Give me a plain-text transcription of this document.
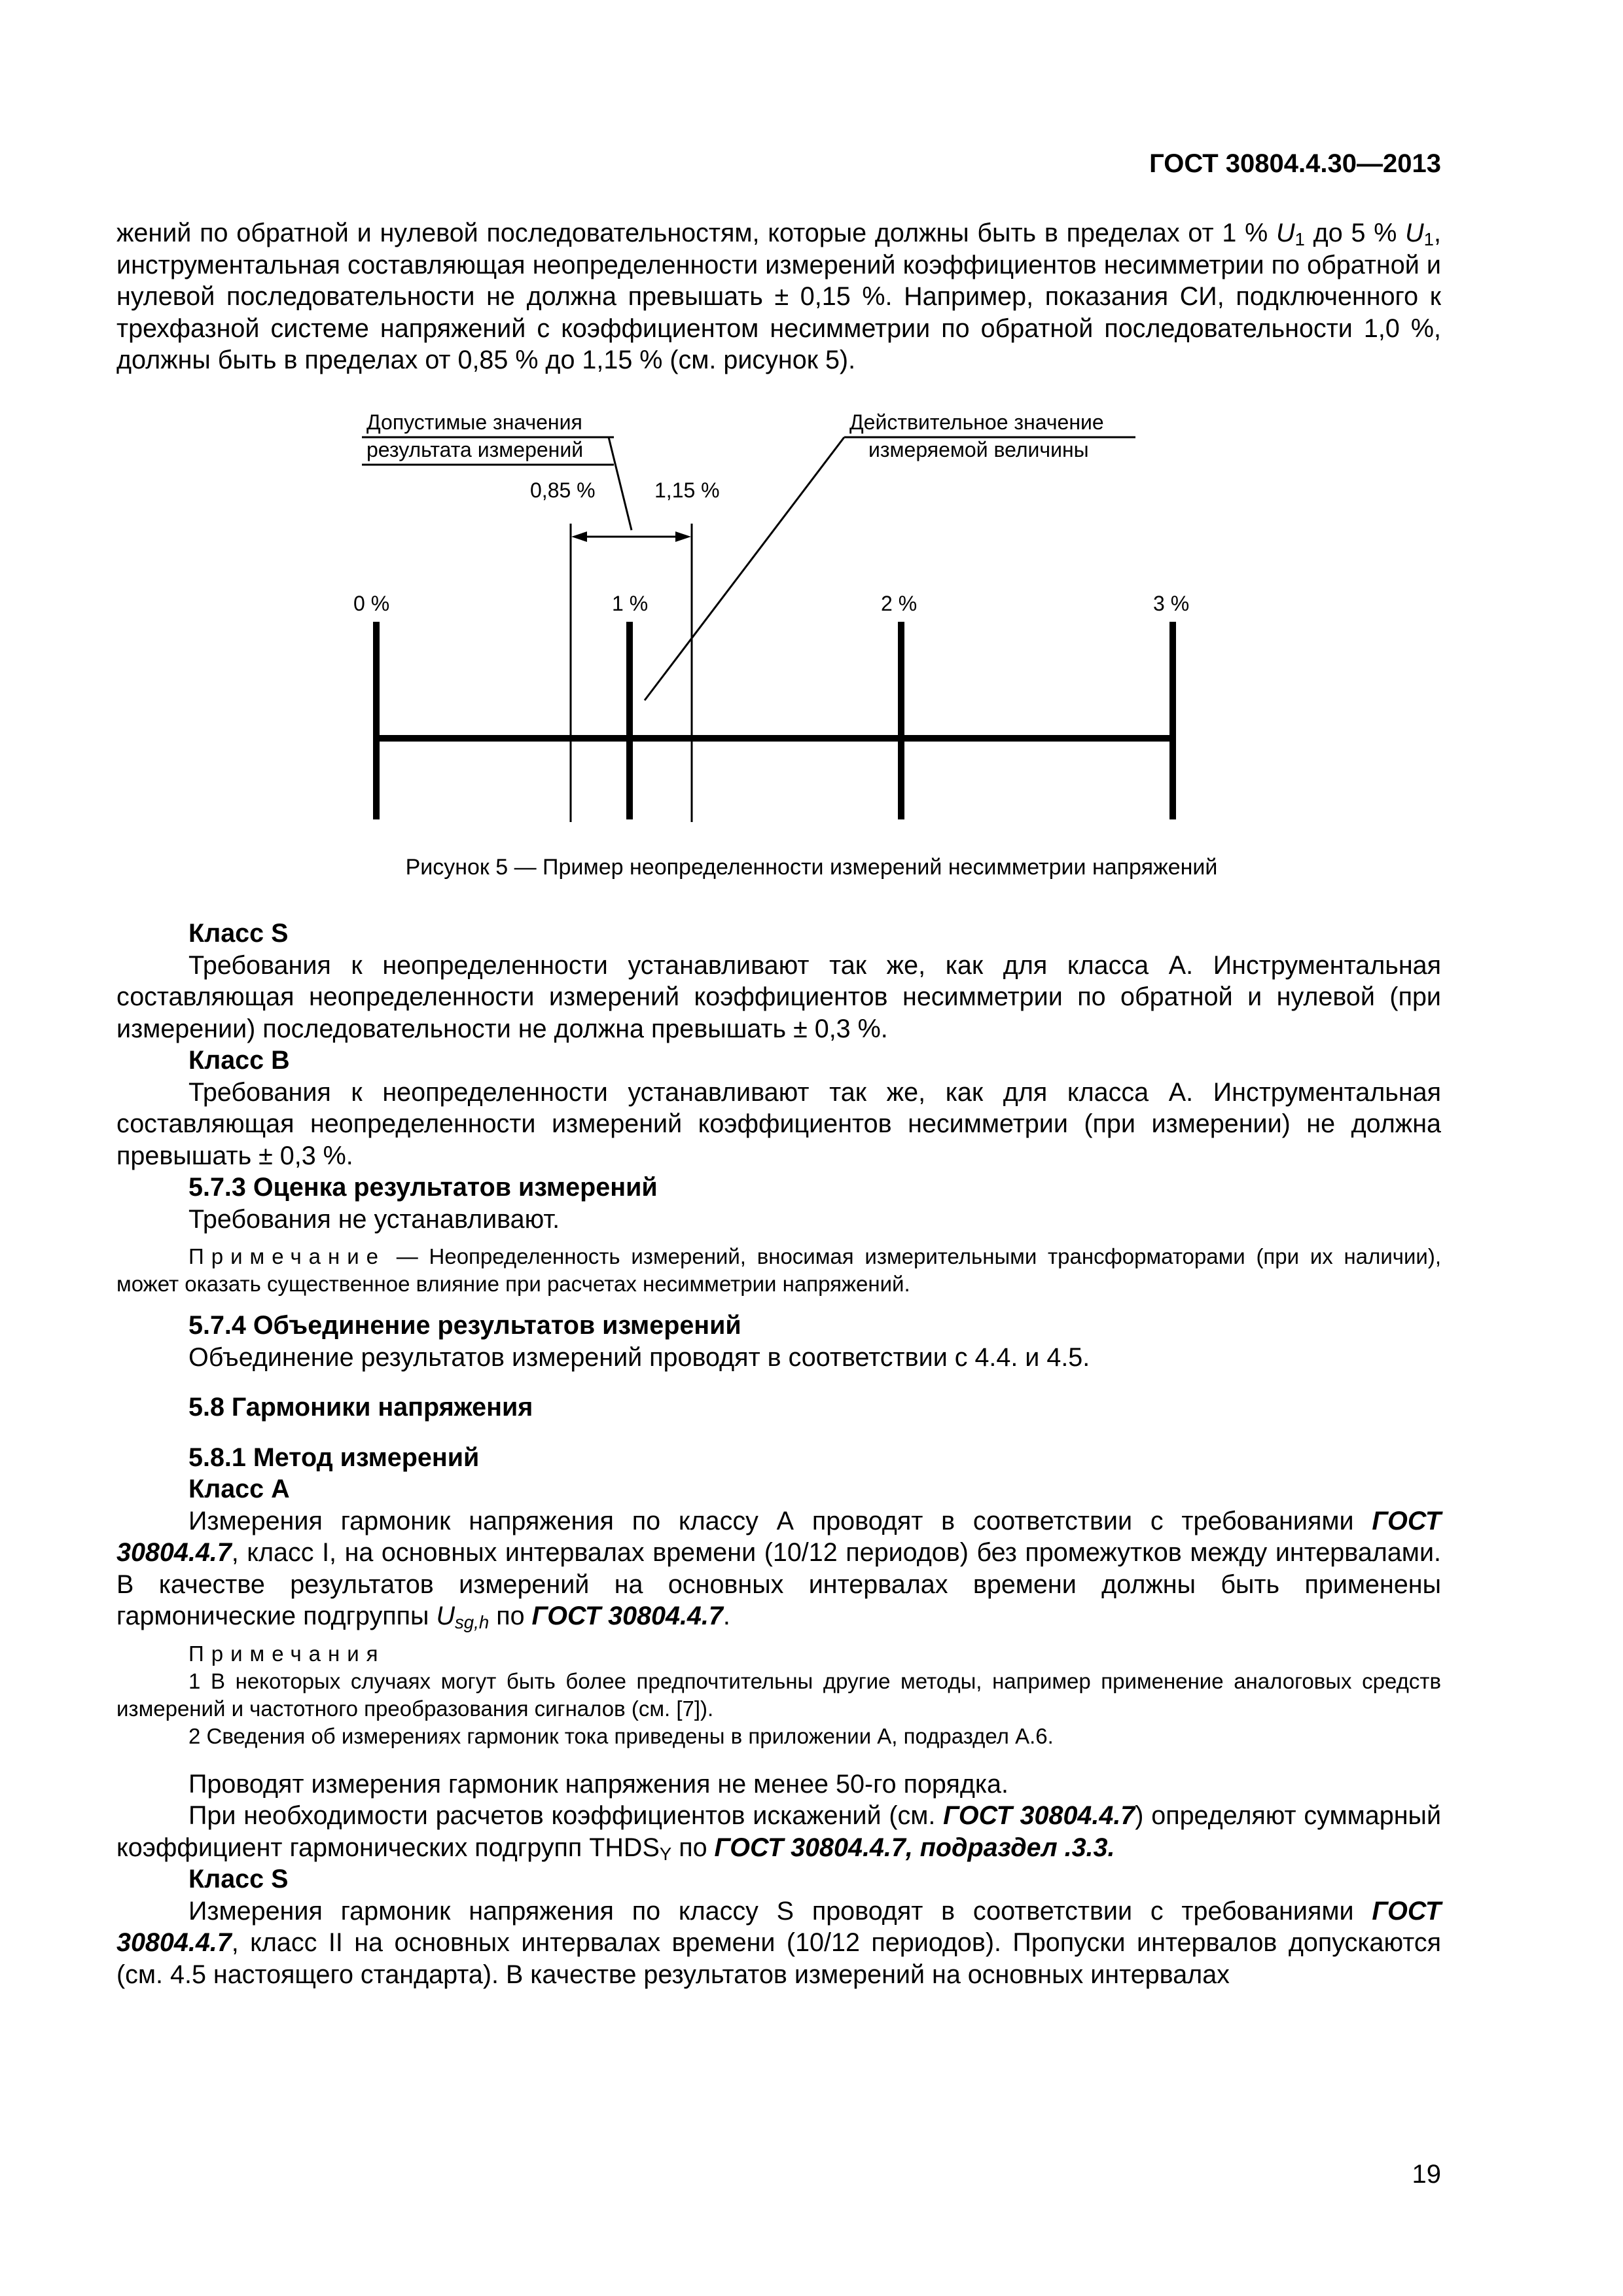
ГОСТ 30804.4.30—2013

жений по обратной и нулевой последовательностям, которые должны быть в пределах от 1 % $U_1$ до 5 % $U_1$, инструментальная составляющая неопределенности измерений коэффициентов несимметрии по обратной и нулевой последовательности не должна превышать ± 0,15 %. Например, показания СИ, подключенного к трехфазной системе напряжений с коэффициентом несимметрии по обратной последовательности 1,0 %, должны быть в пределах от 0,85 % до 1,15 % (см. рисунок 5).

Допустимые значения
результата измерений
Действительное значение
измеряемой величины
0,85 %	1,15 %
0 %	1 %	2 %	3 %
Рисунок 5 — Пример неопределенности измерений несимметрии напряжений

Класс S

Требования к неопределенности устанавливают так же, как для класса А. Инструментальная составляющая неопределенности измерений коэффициентов несимметрии по обратной и нулевой (при измерении) последовательности не должна превышать ± 0,3 %.

Класс В

Требования к неопределенности устанавливают так же, как для класса А. Инструментальная составляющая неопределенности измерений коэффициентов несимметрии (при измерении) не должна превышать ± 0,3 %.

5.7.3 Оценка результатов измерений

Требования не устанавливают.

Примечание — Неопределенность измерений, вносимая измерительными трансформаторами (при их наличии), может оказать существенное влияние при расчетах несимметрии напряжений.

5.7.4 Объединение результатов измерений

Объединение результатов измерений проводят в соответствии с 4.4. и 4.5.

5.8 Гармоники напряжения

5.8.1 Метод измерений

Класс А

Измерения гармоник напряжения по классу А проводят в соответствии с требованиями ГОСТ 30804.4.7, класс I, на основных интервалах времени (10/12 периодов) без промежутков между интервалами. В качестве результатов измерений на основных интервалах времени должны быть применены гармонические подгруппы $U_{sg,h}$ по ГОСТ 30804.4.7.

Примечания

1 В некоторых случаях могут быть более предпочтительны другие методы, например применение аналоговых средств измерений и частотного преобразования сигналов (см. [7]).

2 Сведения об измерениях гармоник тока приведены в приложении А, подраздел А.6.

Проводят измерения гармоник напряжения не менее 50-го порядка.

При необходимости расчетов коэффициентов искажений (см. ГОСТ 30804.4.7) определяют суммарный коэффициент гармонических подгрупп $THDS_Y$ по ГОСТ 30804.4.7, подраздел .3.3.

Класс S

Измерения гармоник напряжения по классу S проводят в соответствии с требованиями ГОСТ 30804.4.7, класс II на основных интервалах времени (10/12 периодов). Пропуски интервалов допускаются (см. 4.5 настоящего стандарта). В качестве результатов измерений на основных интервалах

19
